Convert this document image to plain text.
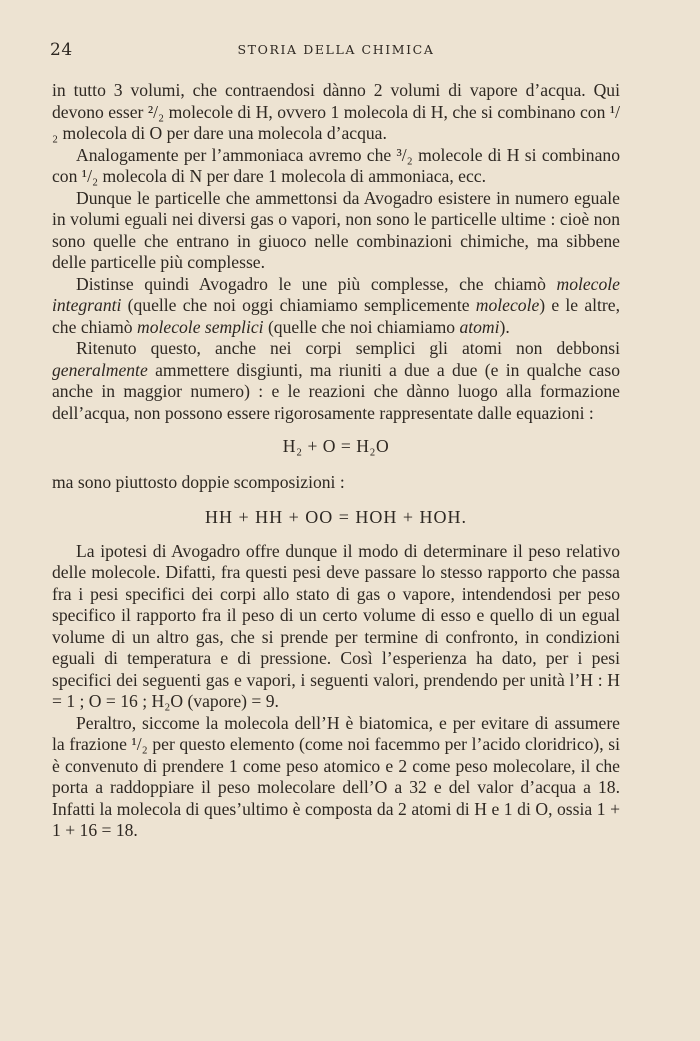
24	STORIA DELLA CHIMICA

in tutto 3 volumi, che contraendosi dànno 2 volumi di vapore d’acqua. Qui devono esser ²/₂ molecole di H, ovvero 1 molecola di H, che si combinano con ¹/₂ molecola di O per dare una molecola d’acqua.

Analogamente per l’ammoniaca avremo che ³/₂ molecole di H si combinano con ¹/₂ molecola di N per dare 1 molecola di ammoniaca, ecc.

Dunque le particelle che ammettonsi da Avogadro esistere in numero eguale in volumi eguali nei diversi gas o vapori, non sono le particelle ultime : cioè non sono quelle che entrano in giuoco nelle combinazioni chimiche, ma sibbene delle particelle più complesse.

Distinse quindi Avogadro le une più complesse, che chiamò molecole integranti (quelle che noi oggi chiamiamo semplicemente molecole) e le altre, che chiamò molecole semplici (quelle che noi chiamiamo atomi).

Ritenuto questo, anche nei corpi semplici gli atomi non debbonsi generalmente ammettere disgiunti, ma riuniti a due a due (e in qualche caso anche in maggior numero) : e le reazioni che dànno luogo alla formazione dell’acqua, non possono essere rigorosamente rappresentate dalle equazioni :

H₂ + O = H₂O

ma sono piuttosto doppie scomposizioni :

HH + HH + OO = HOH + HOH.

La ipotesi di Avogadro offre dunque il modo di determinare il peso relativo delle molecole. Difatti, fra questi pesi deve passare lo stesso rapporto che passa fra i pesi specifici dei corpi allo stato di gas o vapore, intendendosi per peso specifico il rapporto fra il peso di un certo volume di esso e quello di un egual volume di un altro gas, che si prende per termine di confronto, in condizioni eguali di temperatura e di pressione. Così l’esperienza ha dato, per i pesi specifici dei seguenti gas e vapori, i seguenti valori, prendendo per unità l’H : H = 1 ; O = 16 ; H₂O (vapore) = 9.

Peraltro, siccome la molecola dell’H è biatomica, e per evitare di assumere la frazione ¹/₂ per questo elemento (come noi facemmo per l’acido cloridrico), si è convenuto di prendere 1 come peso atomico e 2 come peso molecolare, il che porta a raddoppiare il peso molecolare dell’O a 32 e del valor d’acqua a 18. Infatti la molecola di ques’ultimo è composta da 2 atomi di H e 1 di O, ossia 1 + 1 + 16 = 18.
